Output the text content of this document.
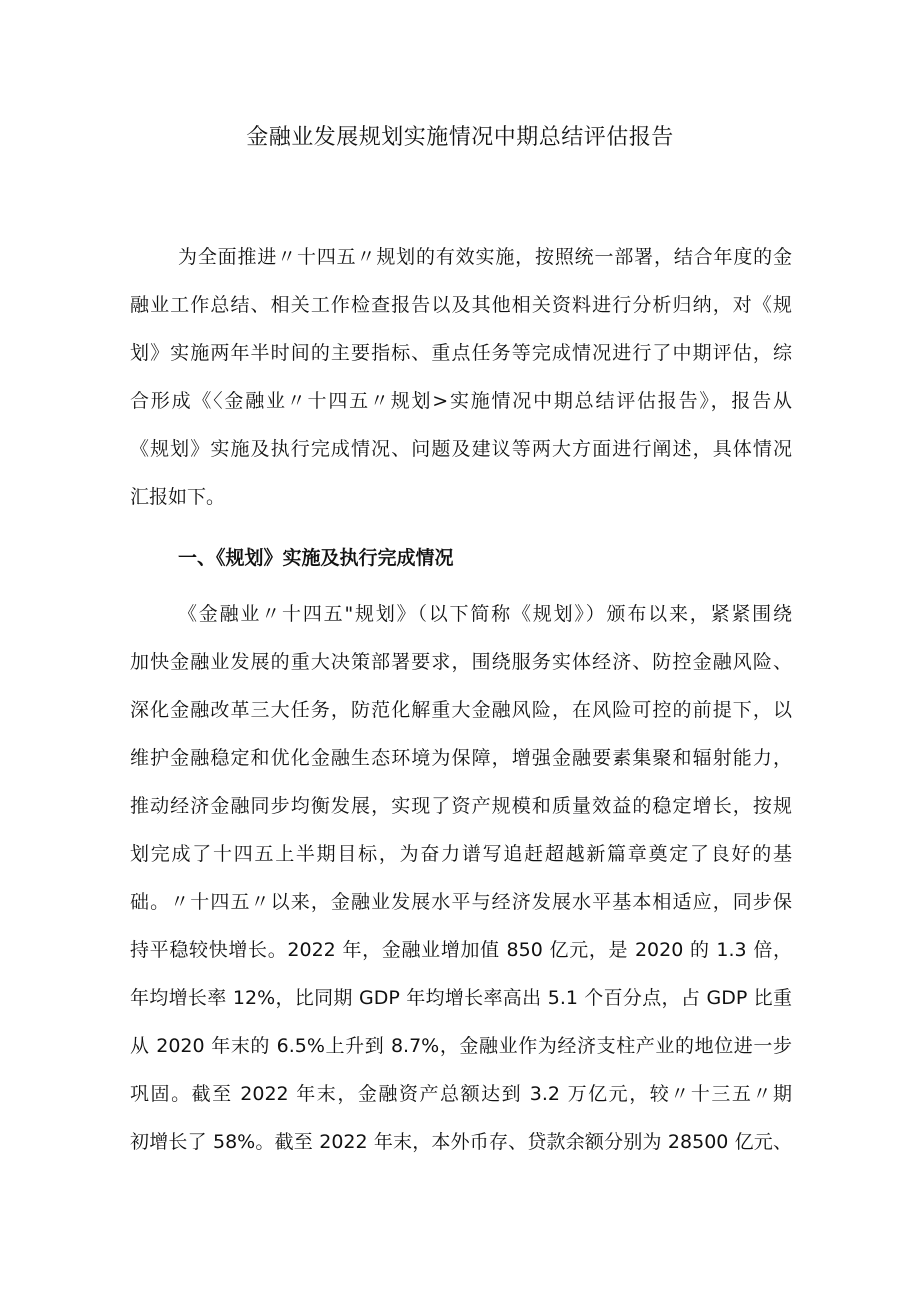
金融业发展规划实施情况中期总结评估报告

为全面推进〃十四五〃规划的有效实施，按照统一部署，结合年度的金

融业工作总结、相关工作检查报告以及其他相关资料进行分析归纳，对《规

划》实施两年半时间的主要指标、重点任务等完成情况进行了中期评估，综

合形成《〈金融业〃十四五〃规划>实施情况中期总结评估报告》，报告从

《规划》实施及执行完成情况、问题及建议等两大方面进行阐述，具体情况

汇报如下。

一、《规划》实施及执行完成情况

《金融业〃十四五"规划》（以下简称《规划》）颁布以来，紧紧围绕

加快金融业发展的重大决策部署要求，围绕服务实体经济、防控金融风险、

深化金融改革三大任务，防范化解重大金融风险，在风险可控的前提下，以

维护金融稳定和优化金融生态环境为保障，增强金融要素集聚和辐射能力，

推动经济金融同步均衡发展，实现了资产规模和质量效益的稳定增长，按规

划完成了十四五上半期目标，为奋力谱写追赶超越新篇章奠定了良好的基

础。〃十四五〃以来，金融业发展水平与经济发展水平基本相适应，同步保

持平稳较快增长。2022 年，金融业增加值 850 亿元，是 2020 的 1.3 倍，

年均增长率 12%，比同期 GDP 年均增长率高出 5.1 个百分点，占 GDP 比重

从 2020 年末的 6.5%上升到 8.7%，金融业作为经济支柱产业的地位进一步

巩固。截至 2022 年末，金融资产总额达到 3.2 万亿元，较〃十三五〃期

初增长了 58%。截至 2022 年末，本外币存、贷款余额分别为 28500 亿元、
